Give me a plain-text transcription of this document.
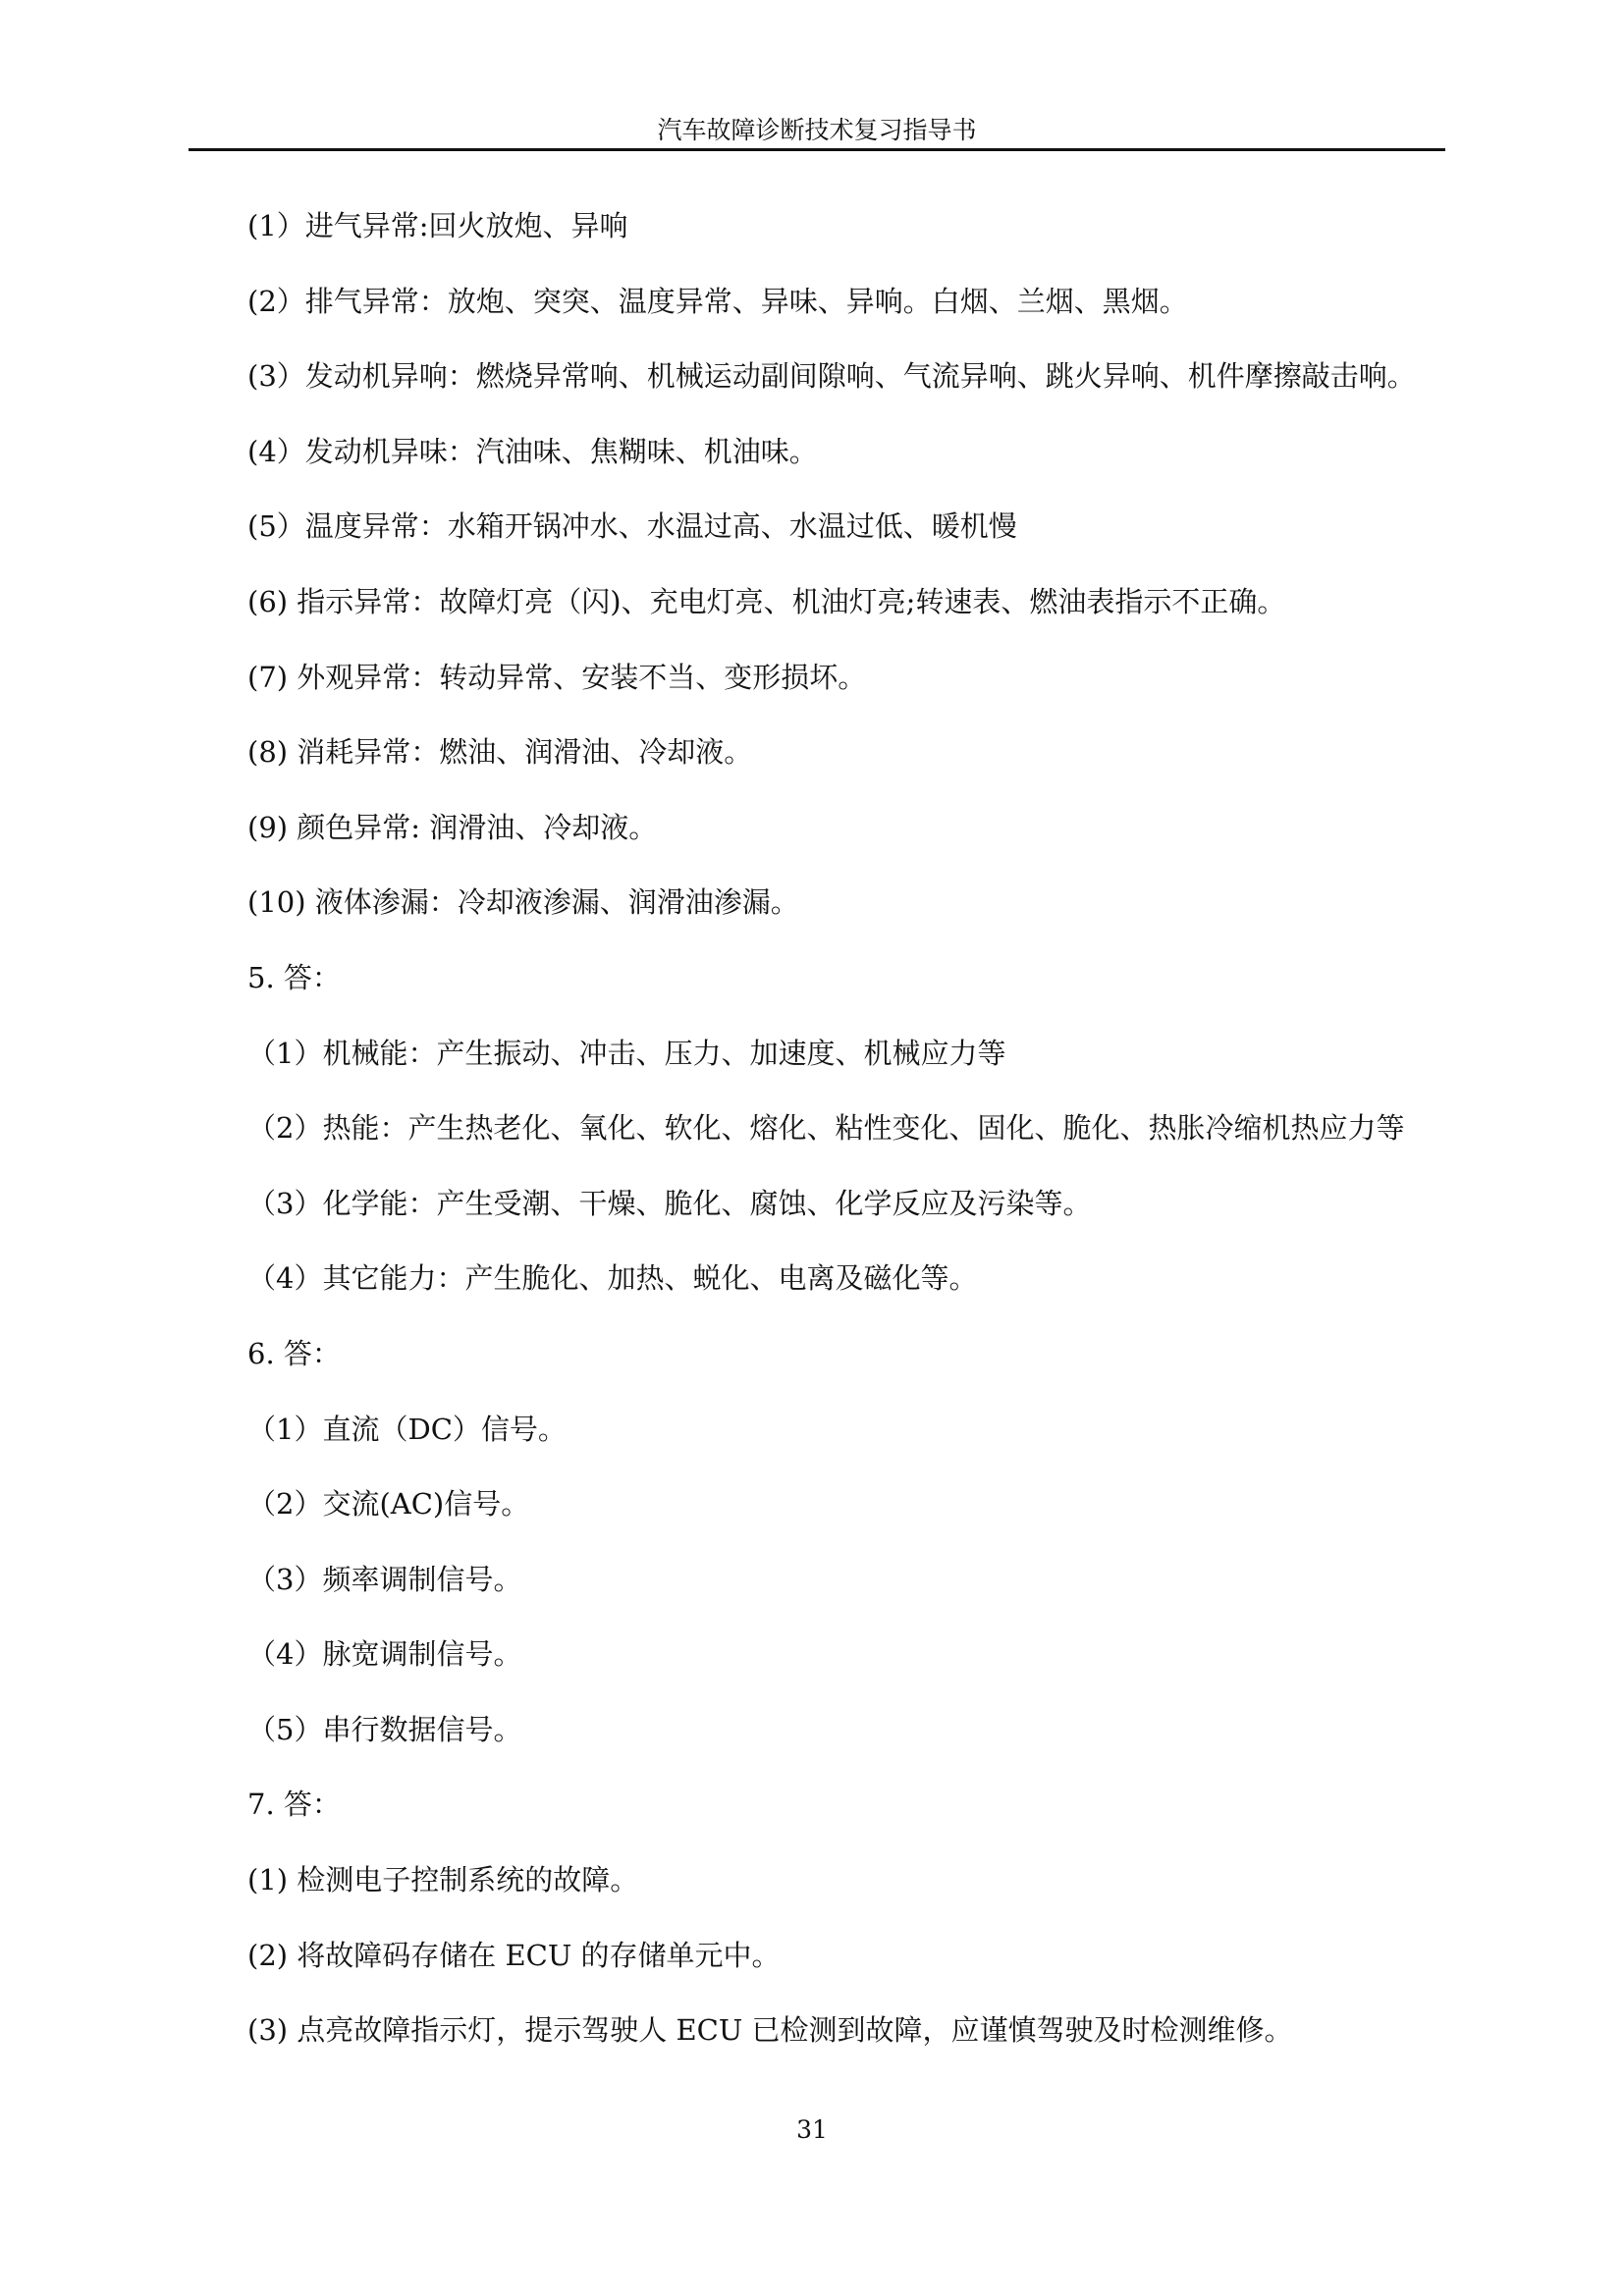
汽车故障诊断技术复习指导书
(1）进气异常:回火放炮、异响
(2）排气异常：放炮、突突、温度异常、异味、异响。白烟、兰烟、黑烟。
(3）发动机异响：燃烧异常响、机械运动副间隙响、气流异响、跳火异响、机件摩擦敲击响。
(4）发动机异味：汽油味、焦糊味、机油味。
(5）温度异常：水箱开锅冲水、水温过高、水温过低、暖机慢
(6) 指示异常：故障灯亮（闪)、充电灯亮、机油灯亮;转速表、燃油表指示不正确。
(7) 外观异常：转动异常、安装不当、变形损坏。
(8) 消耗异常：燃油、润滑油、冷却液。
(9) 颜色异常: 润滑油、冷却液。
(10) 液体渗漏：冷却液渗漏、润滑油渗漏。
5. 答：
（1）机械能：产生振动、冲击、压力、加速度、机械应力等
（2）热能：产生热老化、氧化、软化、熔化、粘性变化、固化、脆化、热胀冷缩机热应力等
（3）化学能：产生受潮、干燥、脆化、腐蚀、化学反应及污染等。
（4）其它能力：产生脆化、加热、蜕化、电离及磁化等。
6. 答：
（1）直流（DC）信号。
（2）交流(AC)信号。
（3）频率调制信号。
（4）脉宽调制信号。
（5）串行数据信号。
7. 答：
(1) 检测电子控制系统的故障。
(2) 将故障码存储在 ECU 的存储单元中。
(3) 点亮故障指示灯，提示驾驶人 ECU 已检测到故障，应谨慎驾驶及时检测维修。
31
